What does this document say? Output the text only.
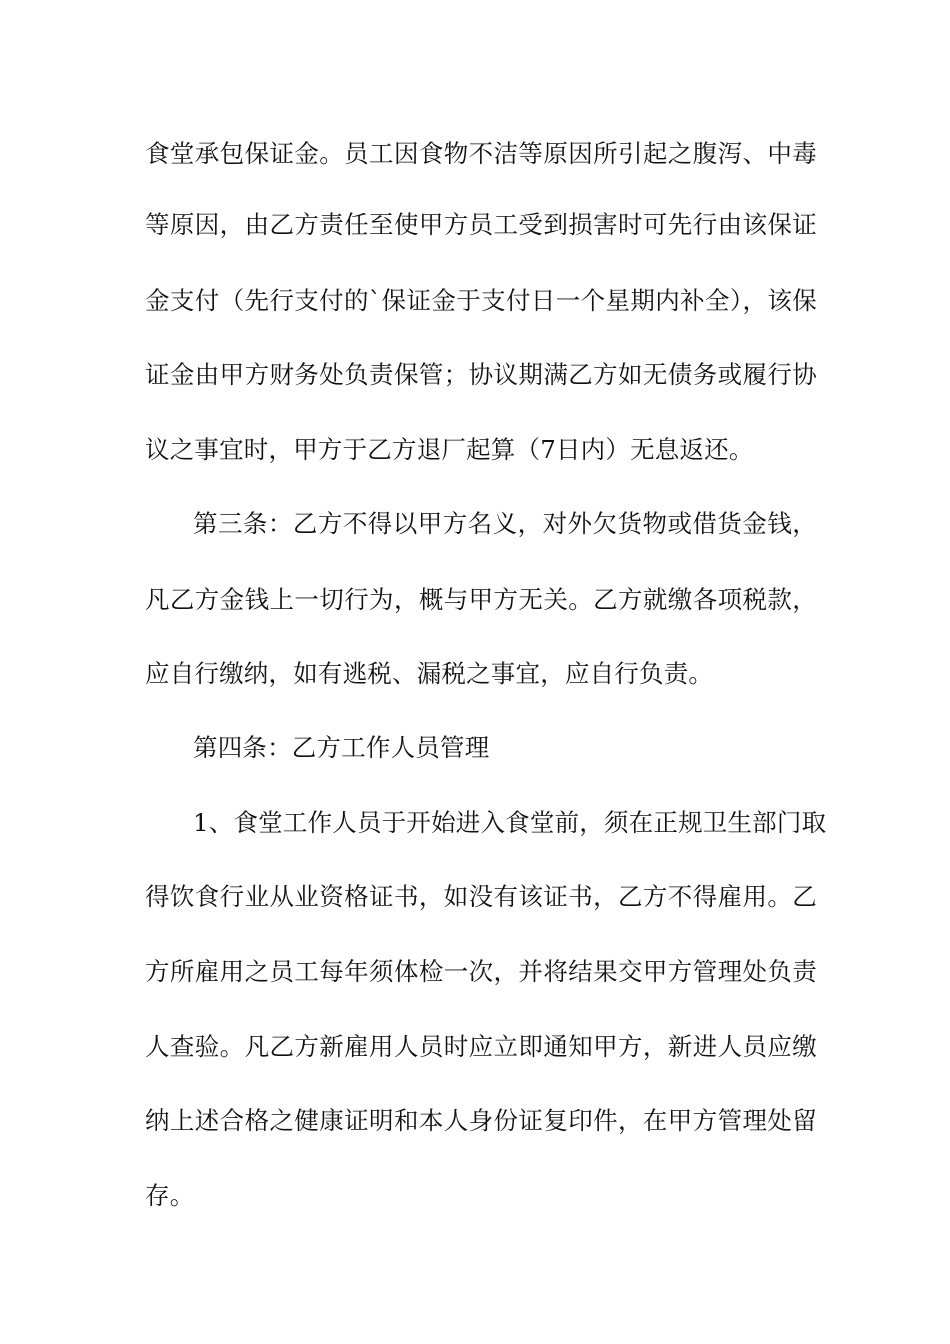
食堂承包保证金。员工因食物不洁等原因所引起之腹泻、中毒
等原因，由乙方责任至使甲方员工受到损害时可先行由该保证
金支付（先行支付的`保证金于支付日一个星期内补全），该保
证金由甲方财务处负责保管；协议期满乙方如无债务或履行协
议之事宜时，甲方于乙方退厂起算（7日内）无息返还。
第三条：乙方不得以甲方名义，对外欠货物或借货金钱，
凡乙方金钱上一切行为，概与甲方无关。乙方就缴各项税款，
应自行缴纳，如有逃税、漏税之事宜，应自行负责。
第四条：乙方工作人员管理
1、食堂工作人员于开始进入食堂前，须在正规卫生部门取
得饮食行业从业资格证书，如没有该证书，乙方不得雇用。乙
方所雇用之员工每年须体检一次，并将结果交甲方管理处负责
人查验。凡乙方新雇用人员时应立即通知甲方，新进人员应缴
纳上述合格之健康证明和本人身份证复印件，在甲方管理处留
存。
